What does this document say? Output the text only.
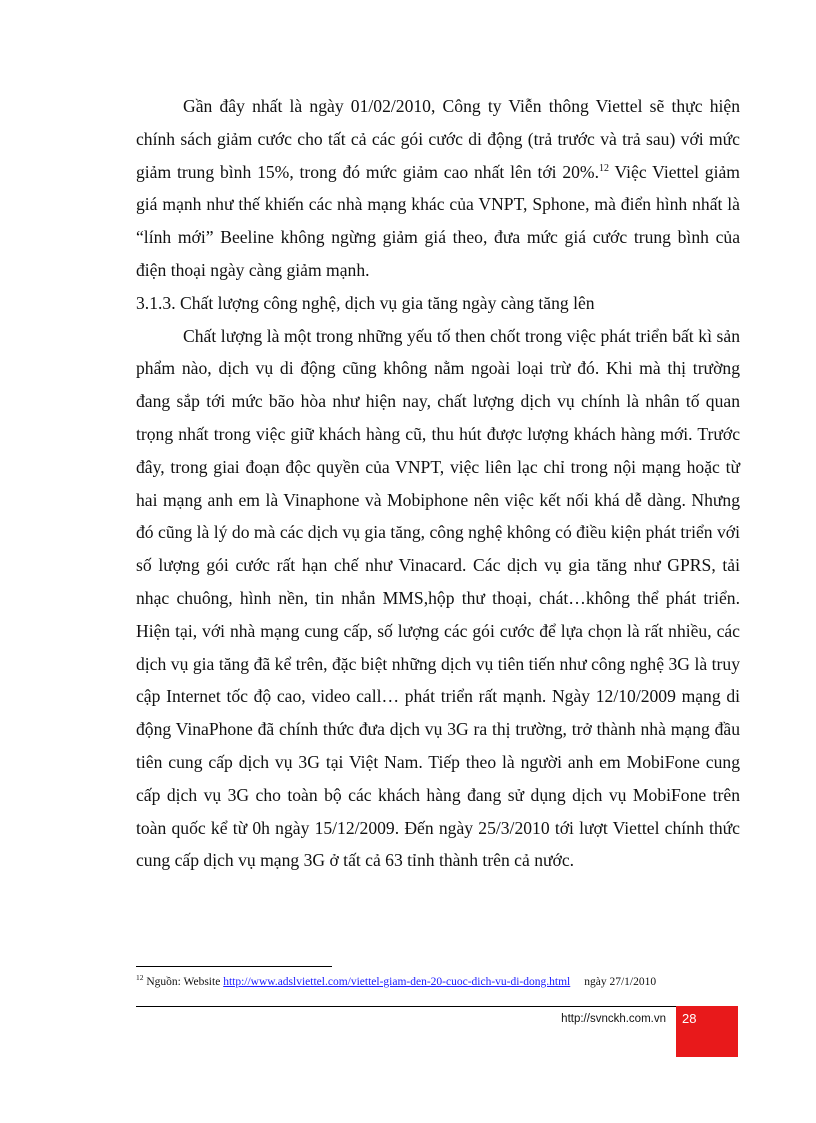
Gần đây nhất là ngày 01/02/2010, Công ty Viễn thông Viettel sẽ thực hiện chính sách giảm cước cho tất cả các gói cước di động (trả trước và trả sau) với mức giảm trung bình 15%, trong đó mức giảm cao nhất lên tới 20%.$^{12}$ Việc Viettel giảm giá mạnh như thế khiến các nhà mạng khác của VNPT, Sphone, mà điển hình nhất là “lính mới” Beeline không ngừng giảm giá theo, đưa mức giá cước trung bình của điện thoại ngày càng giảm mạnh.

3.1.3. Chất lượng công nghệ, dịch vụ gia tăng ngày càng tăng lên

Chất lượng là một trong những yếu tố then chốt trong việc phát triển bất kì sản phẩm nào, dịch vụ di động cũng không nằm ngoài loại trừ đó. Khi mà thị trường đang sắp tới mức bão hòa như hiện nay, chất lượng dịch vụ chính là nhân tố quan trọng nhất trong việc giữ khách hàng cũ, thu hút được lượng khách hàng mới. Trước đây, trong giai đoạn độc quyền của VNPT, việc liên lạc chỉ trong nội mạng hoặc từ hai mạng anh em là Vinaphone và Mobiphone nên việc kết nối khá dễ dàng. Nhưng đó cũng là lý do mà các dịch vụ gia tăng, công nghệ không có điều kiện phát triển với số lượng gói cước rất hạn chế như Vinacard. Các dịch vụ gia tăng như GPRS, tải nhạc chuông, hình nền, tin nhắn MMS,hộp thư thoại, chát…không thể phát triển. Hiện tại, với nhà mạng cung cấp, số lượng các gói cước để lựa chọn là rất nhiều, các dịch vụ gia tăng đã kể trên, đặc biệt những dịch vụ tiên tiến như công nghệ 3G là truy cập Internet tốc độ cao, video call… phát triển rất mạnh. Ngày 12/10/2009 mạng di động VinaPhone đã chính thức đưa dịch vụ 3G ra thị trường, trở thành nhà mạng đầu tiên cung cấp dịch vụ 3G tại Việt Nam. Tiếp theo là người anh em MobiFone cung cấp dịch vụ 3G cho toàn bộ các khách hàng đang sử dụng dịch vụ MobiFone trên toàn quốc kể từ 0h ngày 15/12/2009. Đến ngày 25/3/2010 tới lượt Viettel chính thức cung cấp dịch vụ mạng 3G ở tất cả 63 tỉnh thành trên cả nước.

$^{12}$ Nguồn: Website http://www.adslviettel.com/viettel-giam-den-20-cuoc-dich-vu-di-dong.html ngày 27/1/2010
http://svnckh.com.vn 28
